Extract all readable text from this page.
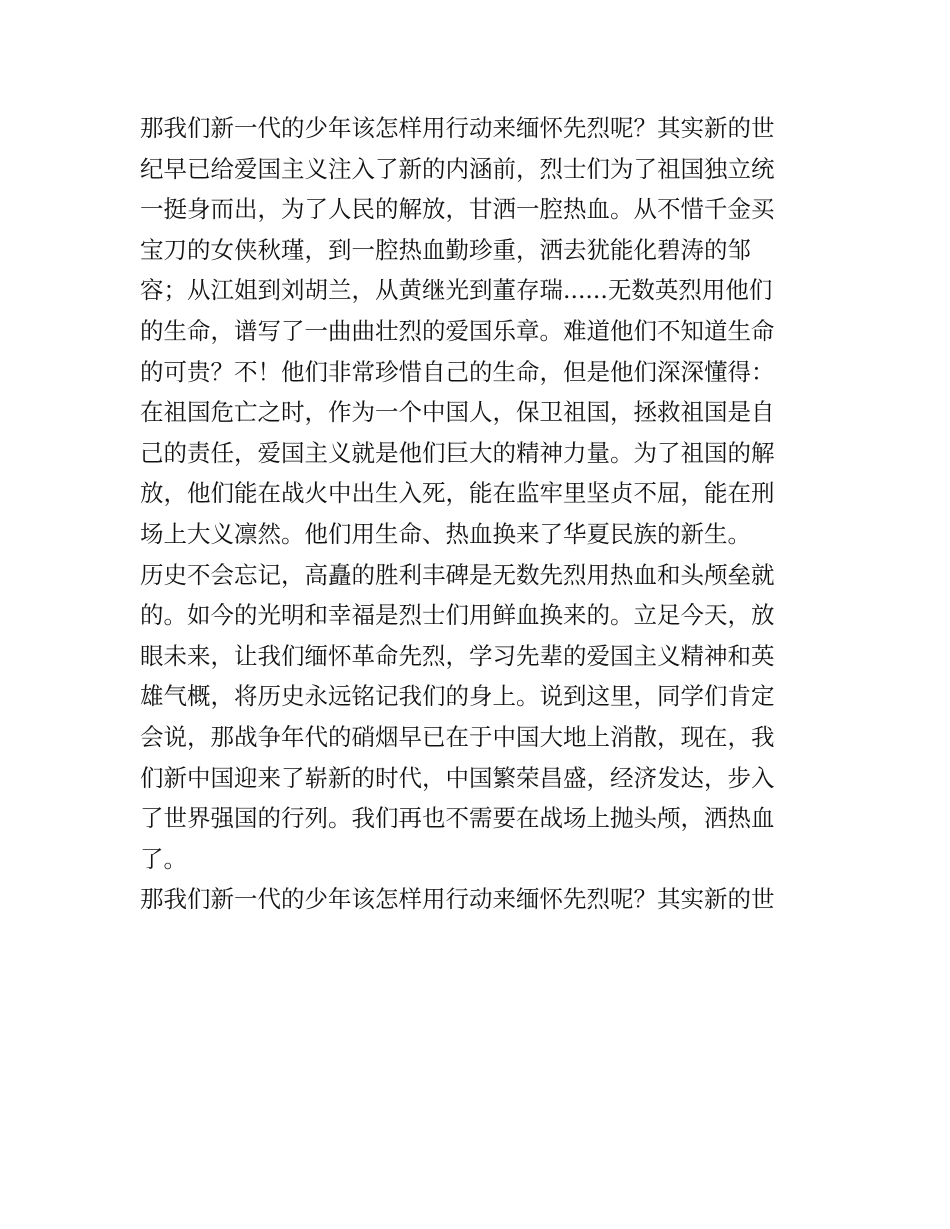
那我们新一代的少年该怎样用行动来缅怀先烈呢？其实新的世
纪早已给爱国主义注入了新的内涵前，烈士们为了祖国独立统
一挺身而出，为了人民的解放，甘洒一腔热血。从不惜千金买
宝刀的女侠秋瑾，到一腔热血勤珍重，洒去犹能化碧涛的邹
容；从江姐到刘胡兰，从黄继光到董存瑞......无数英烈用他们
的生命，谱写了一曲曲壮烈的爱国乐章。难道他们不知道生命
的可贵？不！他们非常珍惜自己的生命，但是他们深深懂得：
在祖国危亡之时，作为一个中国人，保卫祖国，拯救祖国是自
己的责任，爱国主义就是他们巨大的精神力量。为了祖国的解
放，他们能在战火中出生入死，能在监牢里坚贞不屈，能在刑
场上大义凛然。他们用生命、热血换来了华夏民族的新生。
历史不会忘记，高矗的胜利丰碑是无数先烈用热血和头颅垒就
的。如今的光明和幸福是烈士们用鲜血换来的。立足今天，放
眼未来，让我们缅怀革命先烈，学习先辈的爱国主义精神和英
雄气概，将历史永远铭记我们的身上。说到这里，同学们肯定
会说，那战争年代的硝烟早已在于中国大地上消散，现在，我
们新中国迎来了崭新的时代，中国繁荣昌盛，经济发达，步入
了世界强国的行列。我们再也不需要在战场上抛头颅，洒热血
了。
那我们新一代的少年该怎样用行动来缅怀先烈呢？其实新的世
